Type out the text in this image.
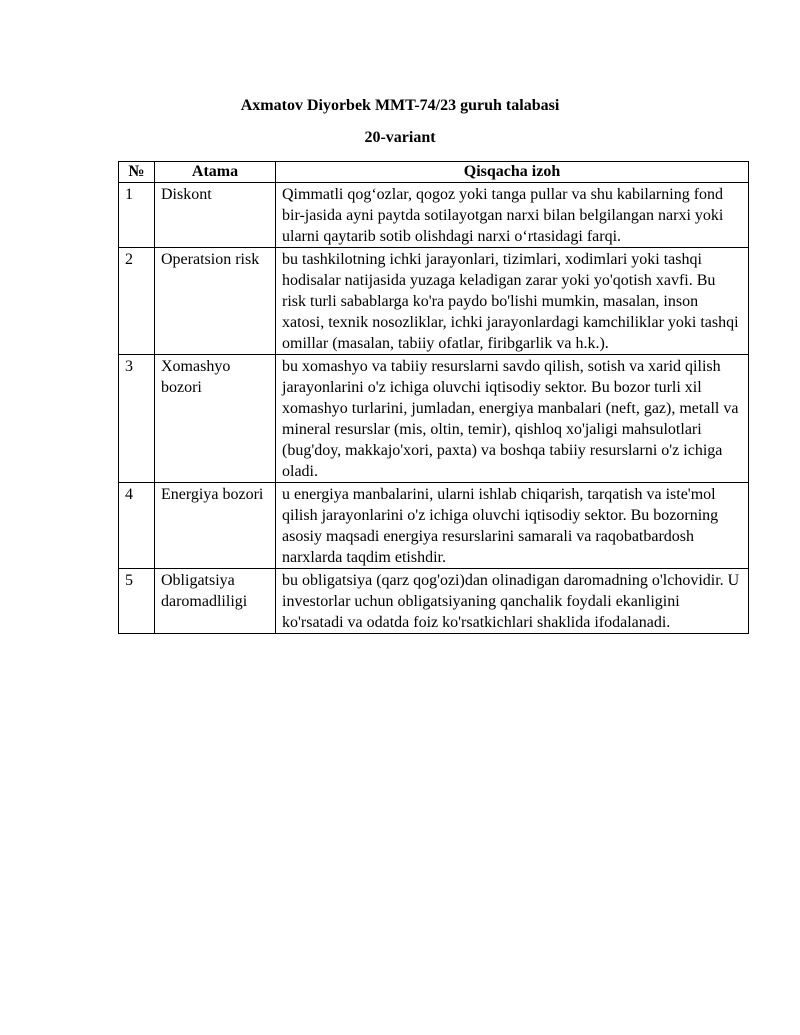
Axmatov Diyorbek MMT-74/23 guruh talabasi
20-variant
№	Atama	Qisqacha izoh
1	Diskont	Qimmatli qog‘ozlar, qogoz yoki tanga pullar va shu kabilarning fond bir-jasida ayni paytda sotilayotgan narxi bilan belgilangan narxi yoki ularni qaytarib sotib olishdagi narxi o‘rtasidagi farqi.
2	Operatsion risk	bu tashkilotning ichki jarayonlari, tizimlari, xodimlari yoki tashqi hodisalar natijasida yuzaga keladigan zarar yoki yo'qotish xavfi. Bu risk turli sabablarga ko'ra paydo bo'lishi mumkin, masalan, inson xatosi, texnik nosozliklar, ichki jarayonlardagi kamchiliklar yoki tashqi omillar (masalan, tabiiy ofatlar, firibgarlik va h.k.).
3	Xomashyo bozori	bu xomashyo va tabiiy resurslarni savdo qilish, sotish va xarid qilish jarayonlarini o'z ichiga oluvchi iqtisodiy sektor. Bu bozor turli xil xomashyo turlarini, jumladan, energiya manbalari (neft, gaz), metall va mineral resurslar (mis, oltin, temir), qishloq xo'jaligi mahsulotlari (bug'doy, makkajo'xori, paxta) va boshqa tabiiy resurslarni o'z ichiga oladi.
4	Energiya bozori	u energiya manbalarini, ularni ishlab chiqarish, tarqatish va iste'mol qilish jarayonlarini o'z ichiga oluvchi iqtisodiy sektor. Bu bozorning asosiy maqsadi energiya resurslarini samarali va raqobatbardosh narxlarda taqdim etishdir.
5	Obligatsiya daromadliligi	bu obligatsiya (qarz qog'ozi)dan olinadigan daromadning o'lchovidir. U investorlar uchun obligatsiyaning qanchalik foydali ekanligini ko'rsatadi va odatda foiz ko'rsatkichlari shaklida ifodalanadi.
